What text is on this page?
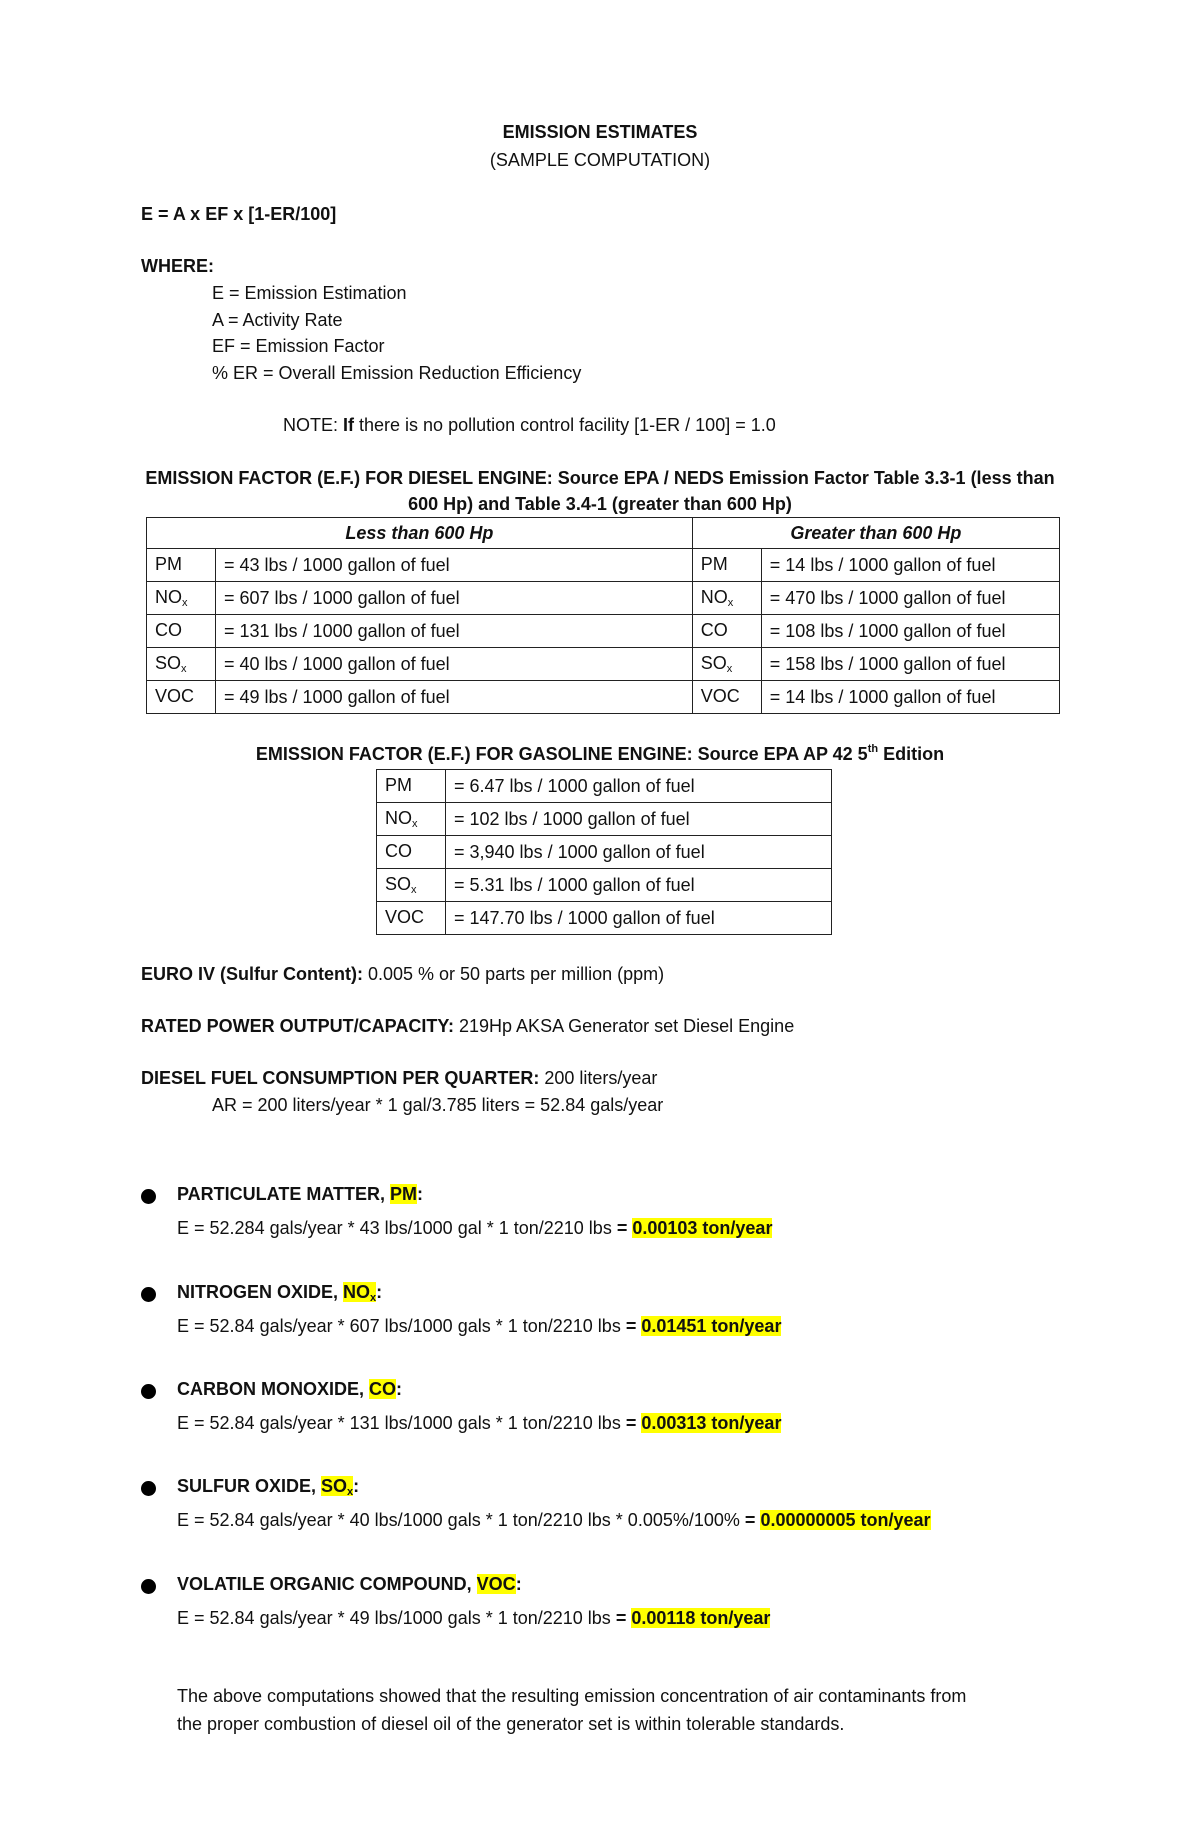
EMISSION ESTIMATES
(SAMPLE COMPUTATION)
E = A x EF x [1-ER/100]
WHERE:
E = Emission Estimation
A = Activity Rate
EF = Emission Factor
% ER = Overall Emission Reduction Efficiency
NOTE: If there is no pollution control facility [1-ER / 100] = 1.0
EMISSION FACTOR (E.F.) FOR DIESEL ENGINE: Source EPA / NEDS Emission Factor Table 3.3-1 (less than
600 Hp) and Table 3.4-1 (greater than 600 Hp)
Less than 600 Hp		Greater than 600 Hp	
PM	= 43 lbs / 1000 gallon of fuel	PM	= 14 lbs / 1000 gallon of fuel
$NO_x$	= 607 lbs / 1000 gallon of fuel	$NO_x$	= 470 lbs / 1000 gallon of fuel
CO	= 131 lbs / 1000 gallon of fuel	CO	= 108 lbs / 1000 gallon of fuel
$SO_x$	= 40 lbs / 1000 gallon of fuel	$SO_x$	= 158 lbs / 1000 gallon of fuel
VOC	= 49 lbs / 1000 gallon of fuel	VOC	= 14 lbs / 1000 gallon of fuel
EMISSION FACTOR (E.F.) FOR GASOLINE ENGINE: Source EPA AP 42 5th Edition
PM	= 6.47 lbs / 1000 gallon of fuel
$NO_x$	= 102 lbs / 1000 gallon of fuel
CO	= 3,940 lbs / 1000 gallon of fuel
$SO_x$	= 5.31 lbs / 1000 gallon of fuel
VOC	= 147.70 lbs / 1000 gallon of fuel
EURO IV (Sulfur Content): 0.005 % or 50 parts per million (ppm)
RATED POWER OUTPUT/CAPACITY: 219Hp AKSA Generator set Diesel Engine
DIESEL FUEL CONSUMPTION PER QUARTER: 200 liters/year
AR = 200 liters/year * 1 gal/3.785 liters = 52.84 gals/year
PARTICULATE MATTER, PM:
E = 52.284 gals/year * 43 lbs/1000 gal * 1 ton/2210 lbs = 0.00103 ton/year
NITROGEN OXIDE, $NO_x$:
E = 52.84 gals/year * 607 lbs/1000 gals * 1 ton/2210 lbs = 0.01451 ton/year
CARBON MONOXIDE, CO:
E = 52.84 gals/year * 131 lbs/1000 gals * 1 ton/2210 lbs = 0.00313 ton/year
SULFUR OXIDE, $SO_x$:
E = 52.84 gals/year * 40 lbs/1000 gals * 1 ton/2210 lbs * 0.005%/100% = 0.00000005 ton/year
VOLATILE ORGANIC COMPOUND, VOC:
E = 52.84 gals/year * 49 lbs/1000 gals * 1 ton/2210 lbs = 0.00118 ton/year
The above computations showed that the resulting emission concentration of air contaminants from
the proper combustion of diesel oil of the generator set is within tolerable standards.
